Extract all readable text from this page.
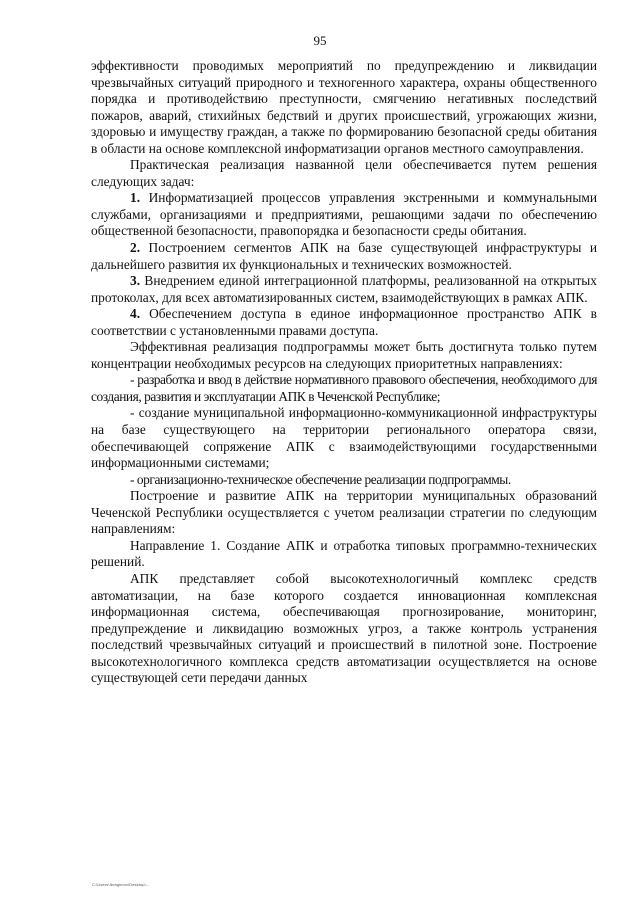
95

эффективности проводимых мероприятий по предупреждению и ликвидации чрезвычайных ситуаций природного и техногенного характера, охраны общественного порядка и противодействию преступности, смягчению негативных последствий пожаров, аварий, стихийных бедствий и других происшествий, угрожающих жизни, здоровью и имуществу граждан, а также по формированию безопасной среды обитания в области на основе комплексной информатизации органов местного самоуправления.

Практическая реализация названной цели обеспечивается путем решения следующих задач:

1. Информатизацией процессов управления экстренными и коммунальными службами, организациями и предприятиями, решающими задачи по обеспечению общественной безопасности, правопорядка и безопасности среды обитания.

2. Построением сегментов АПК на базе существующей инфраструктуры и дальнейшего развития их функциональных и технических возможностей.

3. Внедрением единой интеграционной платформы, реализованной на открытых протоколах, для всех автоматизированных систем, взаимодействующих в рамках АПК.

4. Обеспечением доступа в единое информационное пространство АПК в соответствии с установленными правами доступа.

Эффективная реализация подпрограммы может быть достигнута только путем концентрации необходимых ресурсов на следующих приоритетных направлениях:

- разработка и ввод в действие нормативного правового обеспечения, необходимого для создания, развития и эксплуатации АПК в Чеченской Республике;

- создание муниципальной информационно-коммуникационной инфраструктуры на базе существующего на территории регионального оператора связи, обеспечивающей сопряжение АПК с взаимодействующими государственными информационными системами;

- организационно-техническое обеспечение реализации подпрограммы.

Построение и развитие АПК на территории муниципальных образований Чеченской Республики осуществляется с учетом реализации стратегии по следующим направлениям:

Направление 1. Создание АПК и отработка типовых программно-технических решений.

АПК представляет собой высокотехнологичный комплекс средств автоматизации, на базе которого создается инновационная комплексная информационная система, обеспечивающая прогнозирование, мониторинг, предупреждение и ликвидацию возможных угроз, а также контроль устранения последствий чрезвычайных ситуаций и происшествий в пилотной зоне. Построение высокотехнологичного комплекса средств автоматизации осуществляется на основе существующей сети передачи данных

C:\Users\Ibragimov\Desktop\...
